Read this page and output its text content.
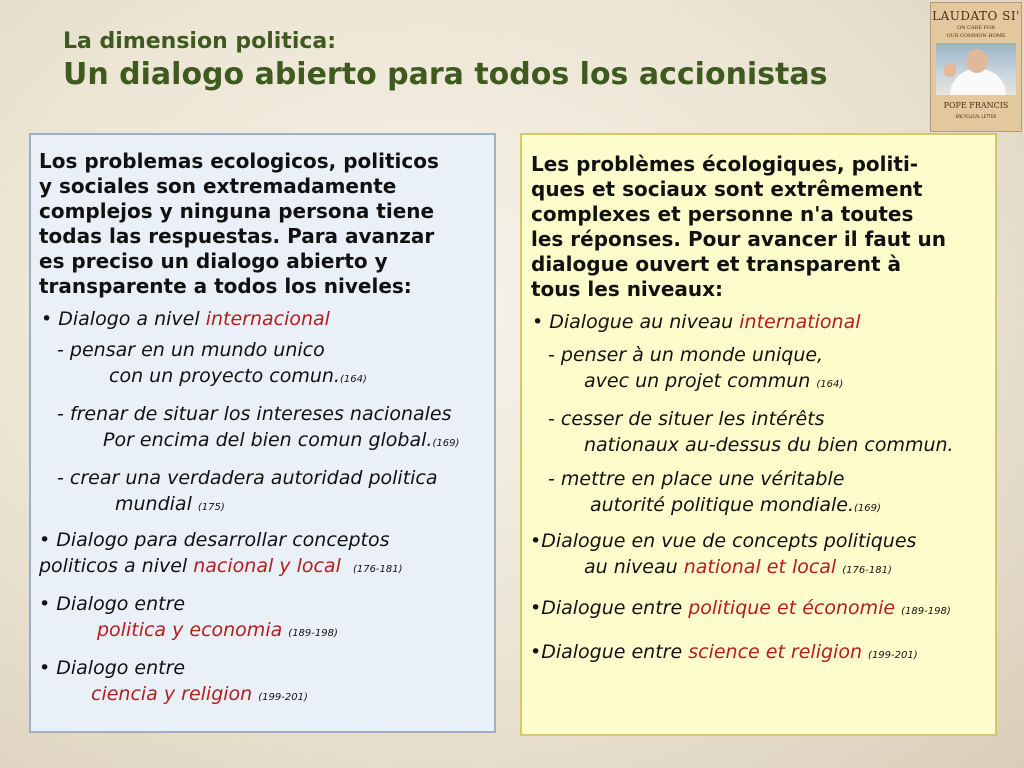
La dimension politica:
Un dialogo abierto para todos los accionistas
LAUDATO SI'
ON CARE FOR
OUR COMMON HOME
POPE FRANCIS
ENCYCLICAL LETTER
Los problemas ecologicos, politicos
y sociales son extremadamente
complejos y ninguna persona tiene
todas las respuestas. Para avanzar
es preciso un dialogo abierto y
transparente a todos los niveles:
• Dialogo a nivel internacional
- pensar en un mundo unico
con un proyecto comun.(164)
- frenar de situar los intereses nacionales
Por encima del bien comun global.(169)
- crear una verdadera autoridad politica
mundial (175)
• Dialogo para desarrollar conceptos
politicos a nivel nacional y local (176-181)
• Dialogo entre
politica y economia (189-198)
• Dialogo entre
ciencia y religion (199-201)
Les problèmes écologiques, politi-
ques et sociaux sont extrêmement
complexes et personne n'a toutes
les réponses. Pour avancer il faut un
dialogue ouvert et transparent à
tous les niveaux:
• Dialogue au niveau international
- penser à un monde unique,
avec un projet commun (164)
- cesser de situer les intérêts
nationaux au-dessus du bien commun.
- mettre en place une véritable
autorité politique mondiale.(169)
•Dialogue en vue de concepts politiques
au niveau national et local (176-181)
•Dialogue entre politique et économie (189-198)
•Dialogue entre science et religion (199-201)
